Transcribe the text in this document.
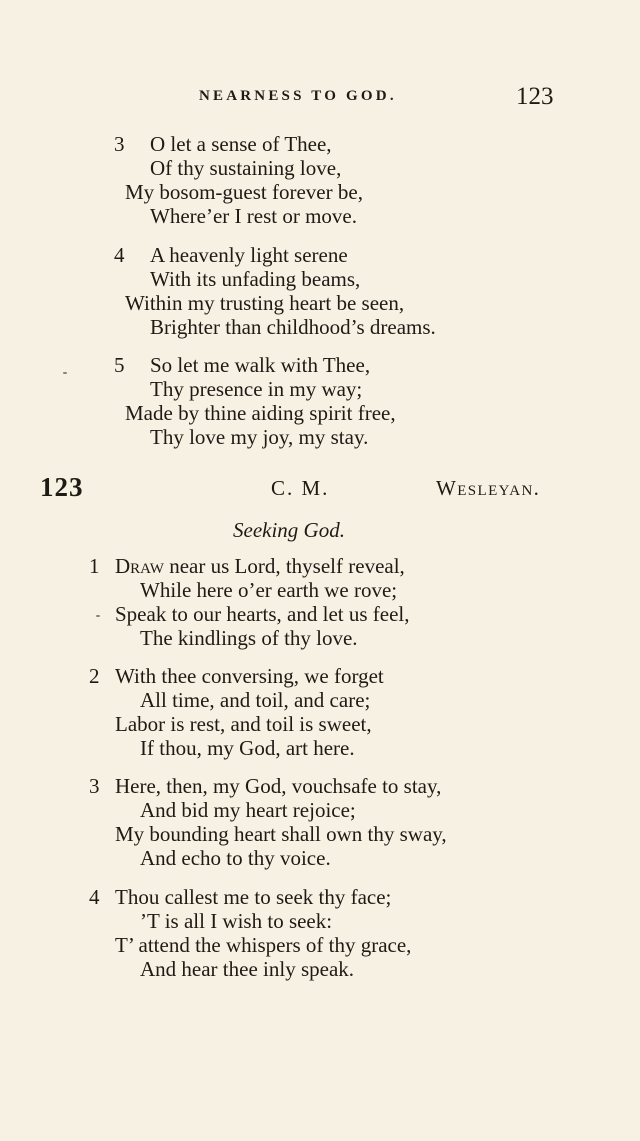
NEARNESS TO GOD.	123
3 O let a sense of Thee,
Of thy sustaining love,
My bosom-guest forever be,
Where’er I rest or move.
4 A heavenly light serene
With its unfading beams,
Within my trusting heart be seen,
Brighter than childhood’s dreams.
5 So let me walk with Thee,
Thy presence in my way;
Made by thine aiding spirit free,
Thy love my joy, my stay.
123	C. M.	Wesleyan.
Seeking God.
1 Draw near us Lord, thyself reveal,
While here o’er earth we rove;
Speak to our hearts, and let us feel,
The kindlings of thy love.
2 With thee conversing, we forget
All time, and toil, and care;
Labor is rest, and toil is sweet,
If thou, my God, art here.
3 Here, then, my God, vouchsafe to stay,
And bid my heart rejoice;
My bounding heart shall own thy sway,
And echo to thy voice.
4 Thou callest me to seek thy face;
’T is all I wish to seek:
T’ attend the whispers of thy grace,
And hear thee inly speak.
